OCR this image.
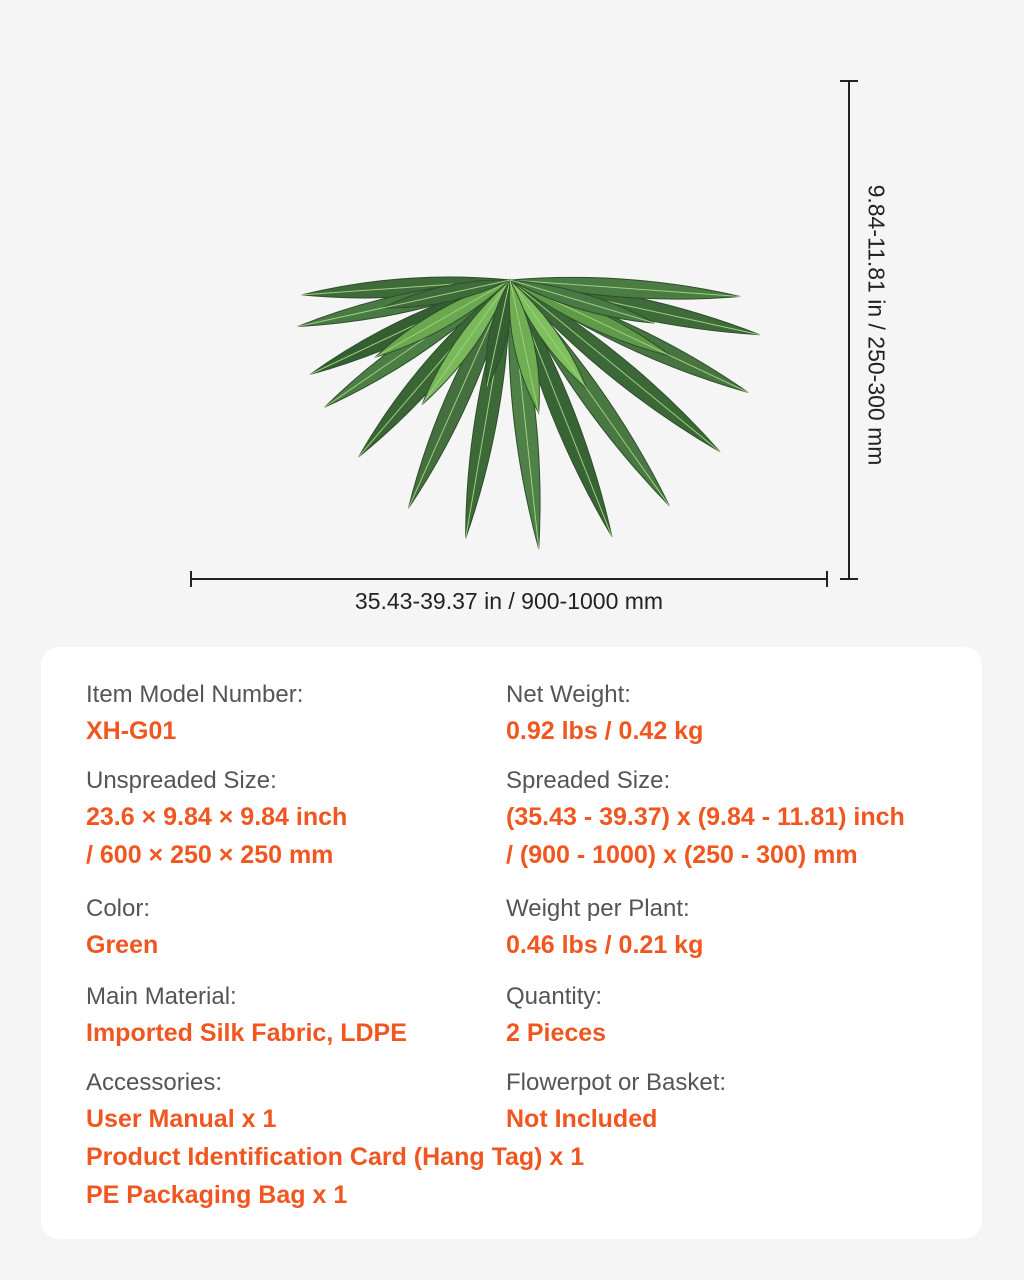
35.43-39.37 in / 900-1000 mm
9.84-11.81 in / 250-300 mm
Item Model Number:
XH-G01
Net Weight:
0.92 lbs / 0.42 kg
Unspreaded Size:
23.6 × 9.84 × 9.84 inch
/ 600 × 250 × 250 mm
Spreaded Size:
(35.43 - 39.37) x (9.84 - 11.81) inch
/ (900 - 1000) x (250 - 300) mm
Color:
Green
Weight per Plant:
0.46 lbs / 0.21 kg
Main Material:
Imported Silk Fabric, LDPE
Quantity:
2 Pieces
Accessories:
User Manual x 1
Product Identification Card (Hang Tag) x 1
PE Packaging Bag x 1
Flowerpot or Basket:
Not Included
